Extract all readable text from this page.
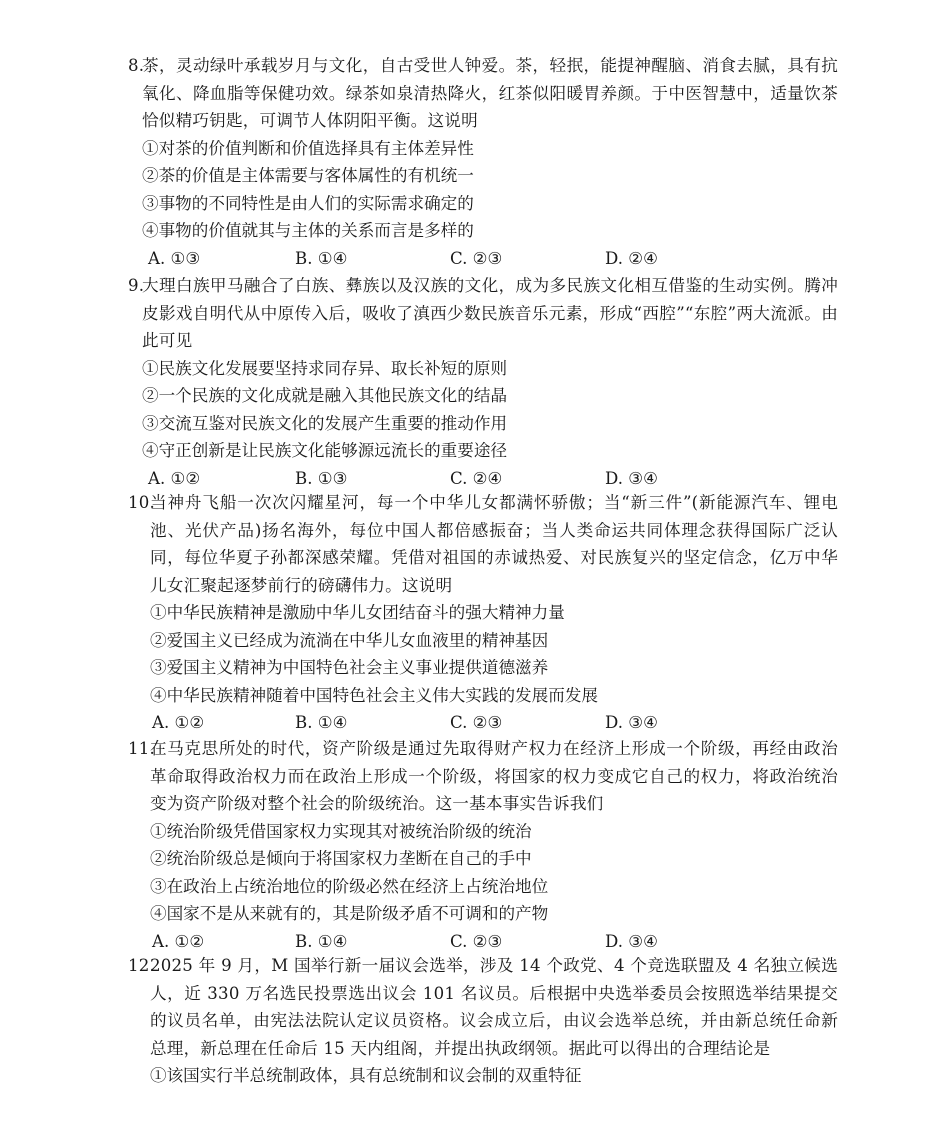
8.
茶，灵动绿叶承载岁月与文化，自古受世人钟爱。茶，轻抿，能提神醒脑、消食去腻，具有抗氧化、降血脂等保健功效。绿茶如泉清热降火，红茶似阳暖胃养颜。于中医智慧中，适量饮茶恰似精巧钥匙，可调节人体阴阳平衡。这说明
①对茶的价值判断和价值选择具有主体差异性
②茶的价值是主体需要与客体属性的有机统一
③事物的不同特性是由人们的实际需求确定的
④事物的价值就其与主体的关系而言是多样的
A. ①③	B. ①④	C. ②③	D. ②④
9.
大理白族甲马融合了白族、彝族以及汉族的文化，成为多民族文化相互借鉴的生动实例。腾冲皮影戏自明代从中原传入后，吸收了滇西少数民族音乐元素，形成“西腔”“东腔”两大流派。由此可见
①民族文化发展要坚持求同存异、取长补短的原则
②一个民族的文化成就是融入其他民族文化的结晶
③交流互鉴对民族文化的发展产生重要的推动作用
④守正创新是让民族文化能够源远流长的重要途径
A. ①②	B. ①③	C. ②④	D. ③④
10.
当神舟飞船一次次闪耀星河，每一个中华儿女都满怀骄傲；当“新三件”(新能源汽车、锂电池、光伏产品)扬名海外，每位中国人都倍感振奋；当人类命运共同体理念获得国际广泛认同，每位华夏子孙都深感荣耀。凭借对祖国的赤诚热爱、对民族复兴的坚定信念，亿万中华儿女汇聚起逐梦前行的磅礴伟力。这说明
①中华民族精神是激励中华儿女团结奋斗的强大精神力量
②爱国主义已经成为流淌在中华儿女血液里的精神基因
③爱国主义精神为中国特色社会主义事业提供道德滋养
④中华民族精神随着中国特色社会主义伟大实践的发展而发展
A. ①②	B. ①④	C. ②③	D. ③④
11.
在马克思所处的时代，资产阶级是通过先取得财产权力在经济上形成一个阶级，再经由政治革命取得政治权力而在政治上形成一个阶级，将国家的权力变成它自己的权力，将政治统治变为资产阶级对整个社会的阶级统治。这一基本事实告诉我们
①统治阶级凭借国家权力实现其对被统治阶级的统治
②统治阶级总是倾向于将国家权力垄断在自己的手中
③在政治上占统治地位的阶级必然在经济上占统治地位
④国家不是从来就有的，其是阶级矛盾不可调和的产物
A. ①②	B. ①④	C. ②③	D. ③④
12.
2025 年 9 月，M 国举行新一届议会选举，涉及 14 个政党、4 个竞选联盟及 4 名独立候选人，近 330 万名选民投票选出议会 101 名议员。后根据中央选举委员会按照选举结果提交的议员名单，由宪法法院认定议员资格。议会成立后，由议会选举总统，并由新总统任命新总理，新总理在任命后 15 天内组阁，并提出执政纲领。据此可以得出的合理结论是
①该国实行半总统制政体，具有总统制和议会制的双重特征
